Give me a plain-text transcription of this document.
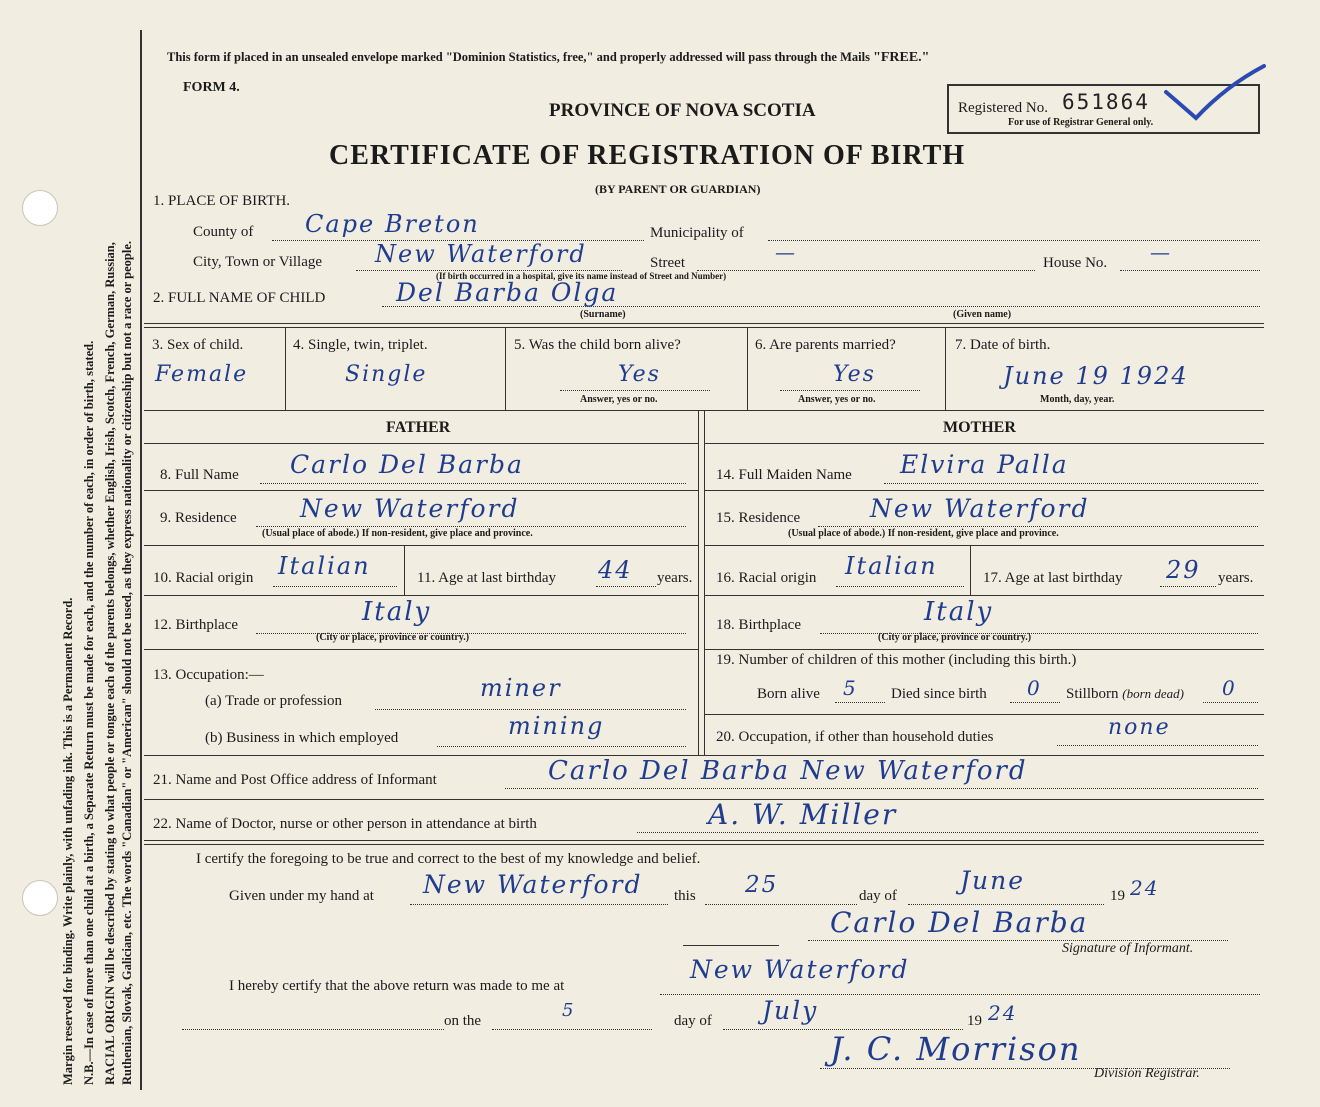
Margin reserved for binding. Write plainly, with unfading ink. This is a Permanent Record. N.B.—In case of more than one child at a birth, a Separate Return must be made for each, and the number of each, in order of birth, stated. RACIAL ORIGIN will be described by stating to what people or tongue each of the parents belongs, whether English, Irish, Scotch, French, German, Russian, Ruthenian, Slovak, Galician, etc. The words "Canadian" or "American" should not be used, as they express nationality or citizenship but not a race or people.
This form if placed in an unsealed envelope marked "Dominion Statistics, free," and properly addressed will pass through the Mails "FREE."
FORM 4.
PROVINCE OF NOVA SCOTIA
CERTIFICATE OF REGISTRATION OF BIRTH
(BY PARENT OR GUARDIAN)
Registered No. 651864
For use of Registrar General only.
1. PLACE OF BIRTH.
County of Cape Breton	Municipality of
City, Town or Village New Waterford
(If birth occurred in a hospital, give its name instead of Street and Number)
Street	—	House No. —
2. FULL NAME OF CHILD	Del Barba Olga
(Surname)	(Given name)
3. Sex of child.
Female
4. Single, twin, triplet.
Single
5. Was the child born alive?
Yes
Answer, yes or no.
6. Are parents married?
Yes
Answer, yes or no.
7. Date of birth.
June 19 1924
Month, day, year.
FATHER	MOTHER
8. Full Name Carlo Del Barba	14. Full Maiden Name Elvira Palla
9. Residence	New Waterford
(Usual place of abode.) If non-resident, give place and province.
15. Residence	New Waterford
(Usual place of abode.) If non-resident, give place and province.
10. Racial origin Italian	11. Age at last birthday 44 years. 16. Racial origin Italian	17. Age at last birthday 29 years.
12. Birthplace	Italy
(City or place, province or country.)
18. Birthplace	Italy
(City or place, province or country.)
13. Occupation:—
(a) Trade or profession	miner
19. Number of children of this mother (including this birth.)
Born alive 5 Died since birth 0 Stillborn (born dead) 0
(b) Business in which employed	mining	20. Occupation, if other than household duties	none
21. Name and Post Office address of Informant	Carlo Del Barba New Waterford
22. Name of Doctor, nurse or other person in attendance at birth	A. W. Miller
I certify the foregoing to be true and correct to the best of my knowledge and belief.
Given under my hand at New Waterford this 25	day of
June
19 24
Carlo Del Barba
Signature of Informant.
I hereby certify that the above return was made to me at
New Waterford
on the	5	day of July	19 24
J. C. Morrison
Division Registrar.
